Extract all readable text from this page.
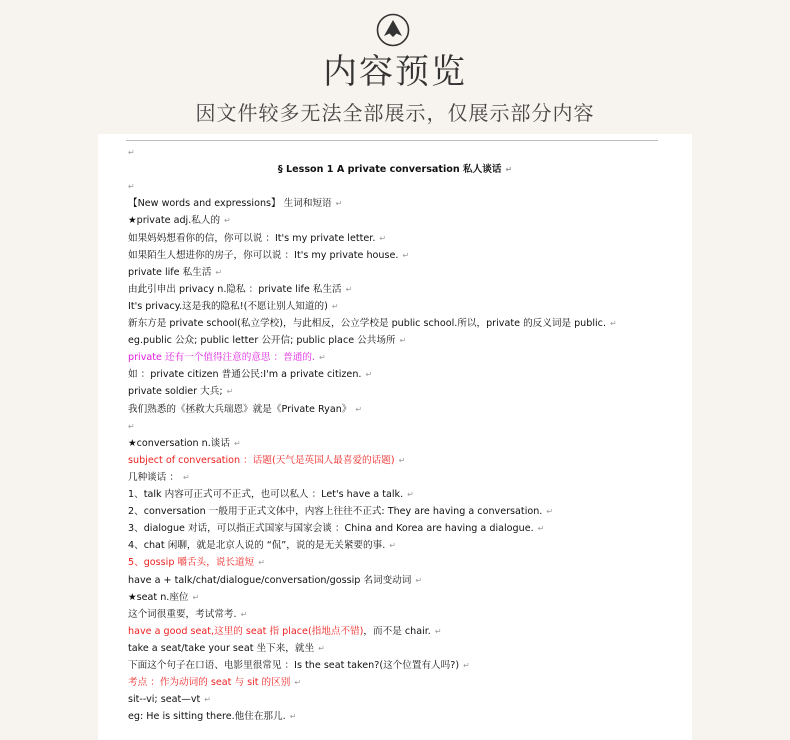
内容预览
因文件较多无法全部展示，仅展示部分内容
↵
§ Lesson 1 A private conversation 私人谈话 ↵
↵
【New words and expressions】 生词和短语 ↵
★private adj.私人的 ↵
如果妈妈想看你的信，你可以说 ：It's my private letter. ↵
如果陌生人想进你的房子，你可以说 ：It's my private house. ↵
private life 私生活 ↵
由此引申出 privacy n.隐私 ：private life 私生活 ↵
It's privacy.这是我的隐私!(不愿让别人知道的) ↵
新东方是 private school(私立学校)，与此相反，公立学校是 public school.所以，private 的反义词是 public. ↵
eg.public 公众; public letter 公开信; public place 公共场所 ↵
private 还有一个值得注意的意思 ：普通的. ↵
如 ：private citizen 普通公民:I'm a private citizen. ↵
private soldier 大兵; ↵
我们熟悉的《拯救大兵瑞恩》就是《Private Ryan》 ↵
↵
★conversation n.谈话 ↵
subject of conversation ：话题(天气是英国人最喜爱的话题) ↵
几种谈话 ： ↵
1、talk 内容可正式可不正式，也可以私人 ：Let's have a talk. ↵
2、conversation 一般用于正式文体中，内容上往往不正式: They are having a conversation. ↵
3、dialogue 对话，可以指正式国家与国家会谈 ：China and Korea are having a dialogue. ↵
4、chat 闲聊，就是北京人说的 “侃”，说的是无关紧要的事. ↵
5、gossip 嚼舌头，说长道短 ↵
have a + talk/chat/dialogue/conversation/gossip 名词变动词 ↵
★seat n.座位 ↵
这个词很重要，考试常考. ↵
have a good seat,这里的 seat 指 place(指地点不错)，而不是 chair. ↵
take a seat/take your seat 坐下来，就坐 ↵
下面这个句子在口语、电影里很常见 ：Is the seat taken?(这个位置有人吗?) ↵
考点 ：作为动词的 seat 与 sit 的区别 ↵
sit--vi; seat—vt ↵
eg: He is sitting there.他住在那儿. ↵
